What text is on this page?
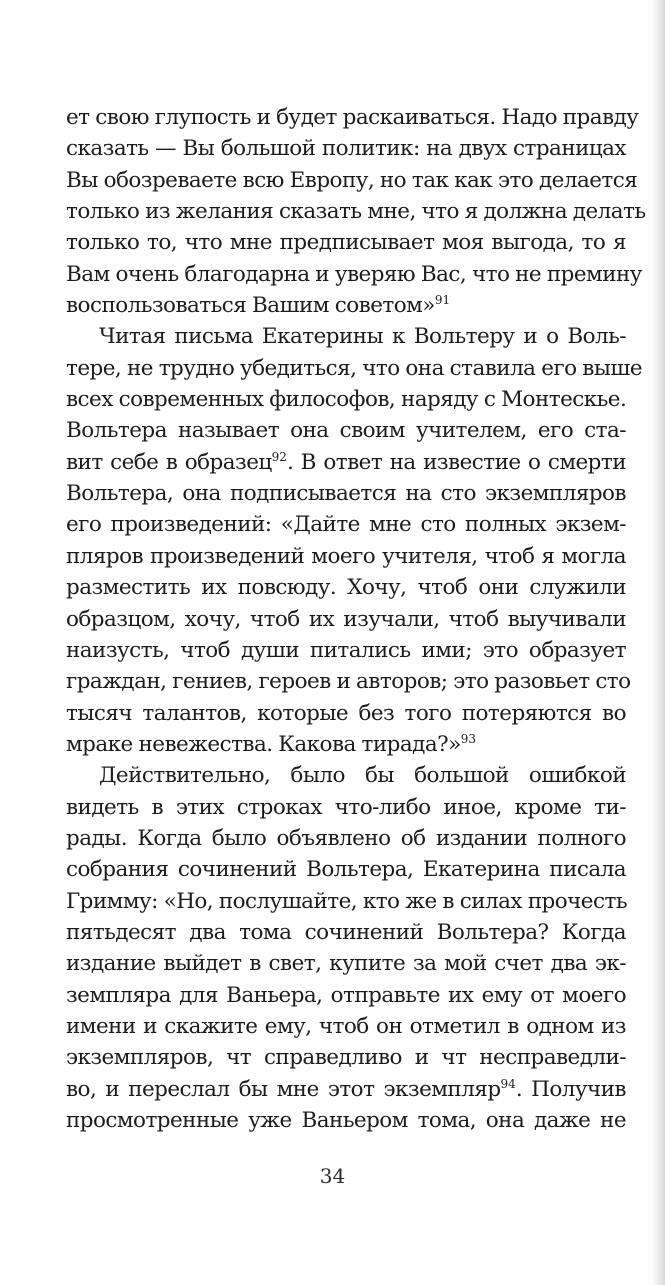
ет свою глупость и будет раскаиваться. Надо правду
сказать — Вы большой политик: на двух страницах
Вы обозреваете всю Европу, но так как это делается
только из желания сказать мне, что я должна делать
только то, что мне предписывает моя выгода, то я
Вам очень благодарна и уверяю Вас, что не премину
воспользоваться Вашим советом»$^{91}$
Читая письма Екатерины к Вольтеру и о Воль-
тере, не трудно убедиться, что она ставила его выше
всех современных философов, наряду с Монтескье.
Вольтера называет она своим учителем, его ста-
вит себе в образец$^{92}$. В ответ на известие о смерти
Вольтера, она подписывается на сто экземпляров
его произведений: «Дайте мне сто полных экзем-
пляров произведений моего учителя, чтоб я могла
разместить их повсюду. Хочу, чтоб они служили
образцом, хочу, чтоб их изучали, чтоб выучивали
наизусть, чтоб души питались ими; это образует
граждан, гениев, героев и авторов; это разовьет сто
тысяч талантов, которые без того потеряются во
мраке невежества. Какова тирада?»$^{93}$
Действительно, было бы большой ошибкой
видеть в этих строках что-либо иное, кроме ти-
рады. Когда было объявлено об издании полного
собрания сочинений Вольтера, Екатерина писала
Гримму: «Но, послушайте, кто же в силах прочесть
пятьдесят два тома сочинений Вольтера? Когда
издание выйдет в свет, купите за мой счет два эк-
земпляра для Ваньера, отправьте их ему от моего
имени и скажите ему, чтоб он отметил в одном из
экземпляров, чт справедливо и чт несправедли-
во, и переслал бы мне этот экземпляр$^{94}$. Получив
просмотренные уже Ваньером тома, она даже не
34
